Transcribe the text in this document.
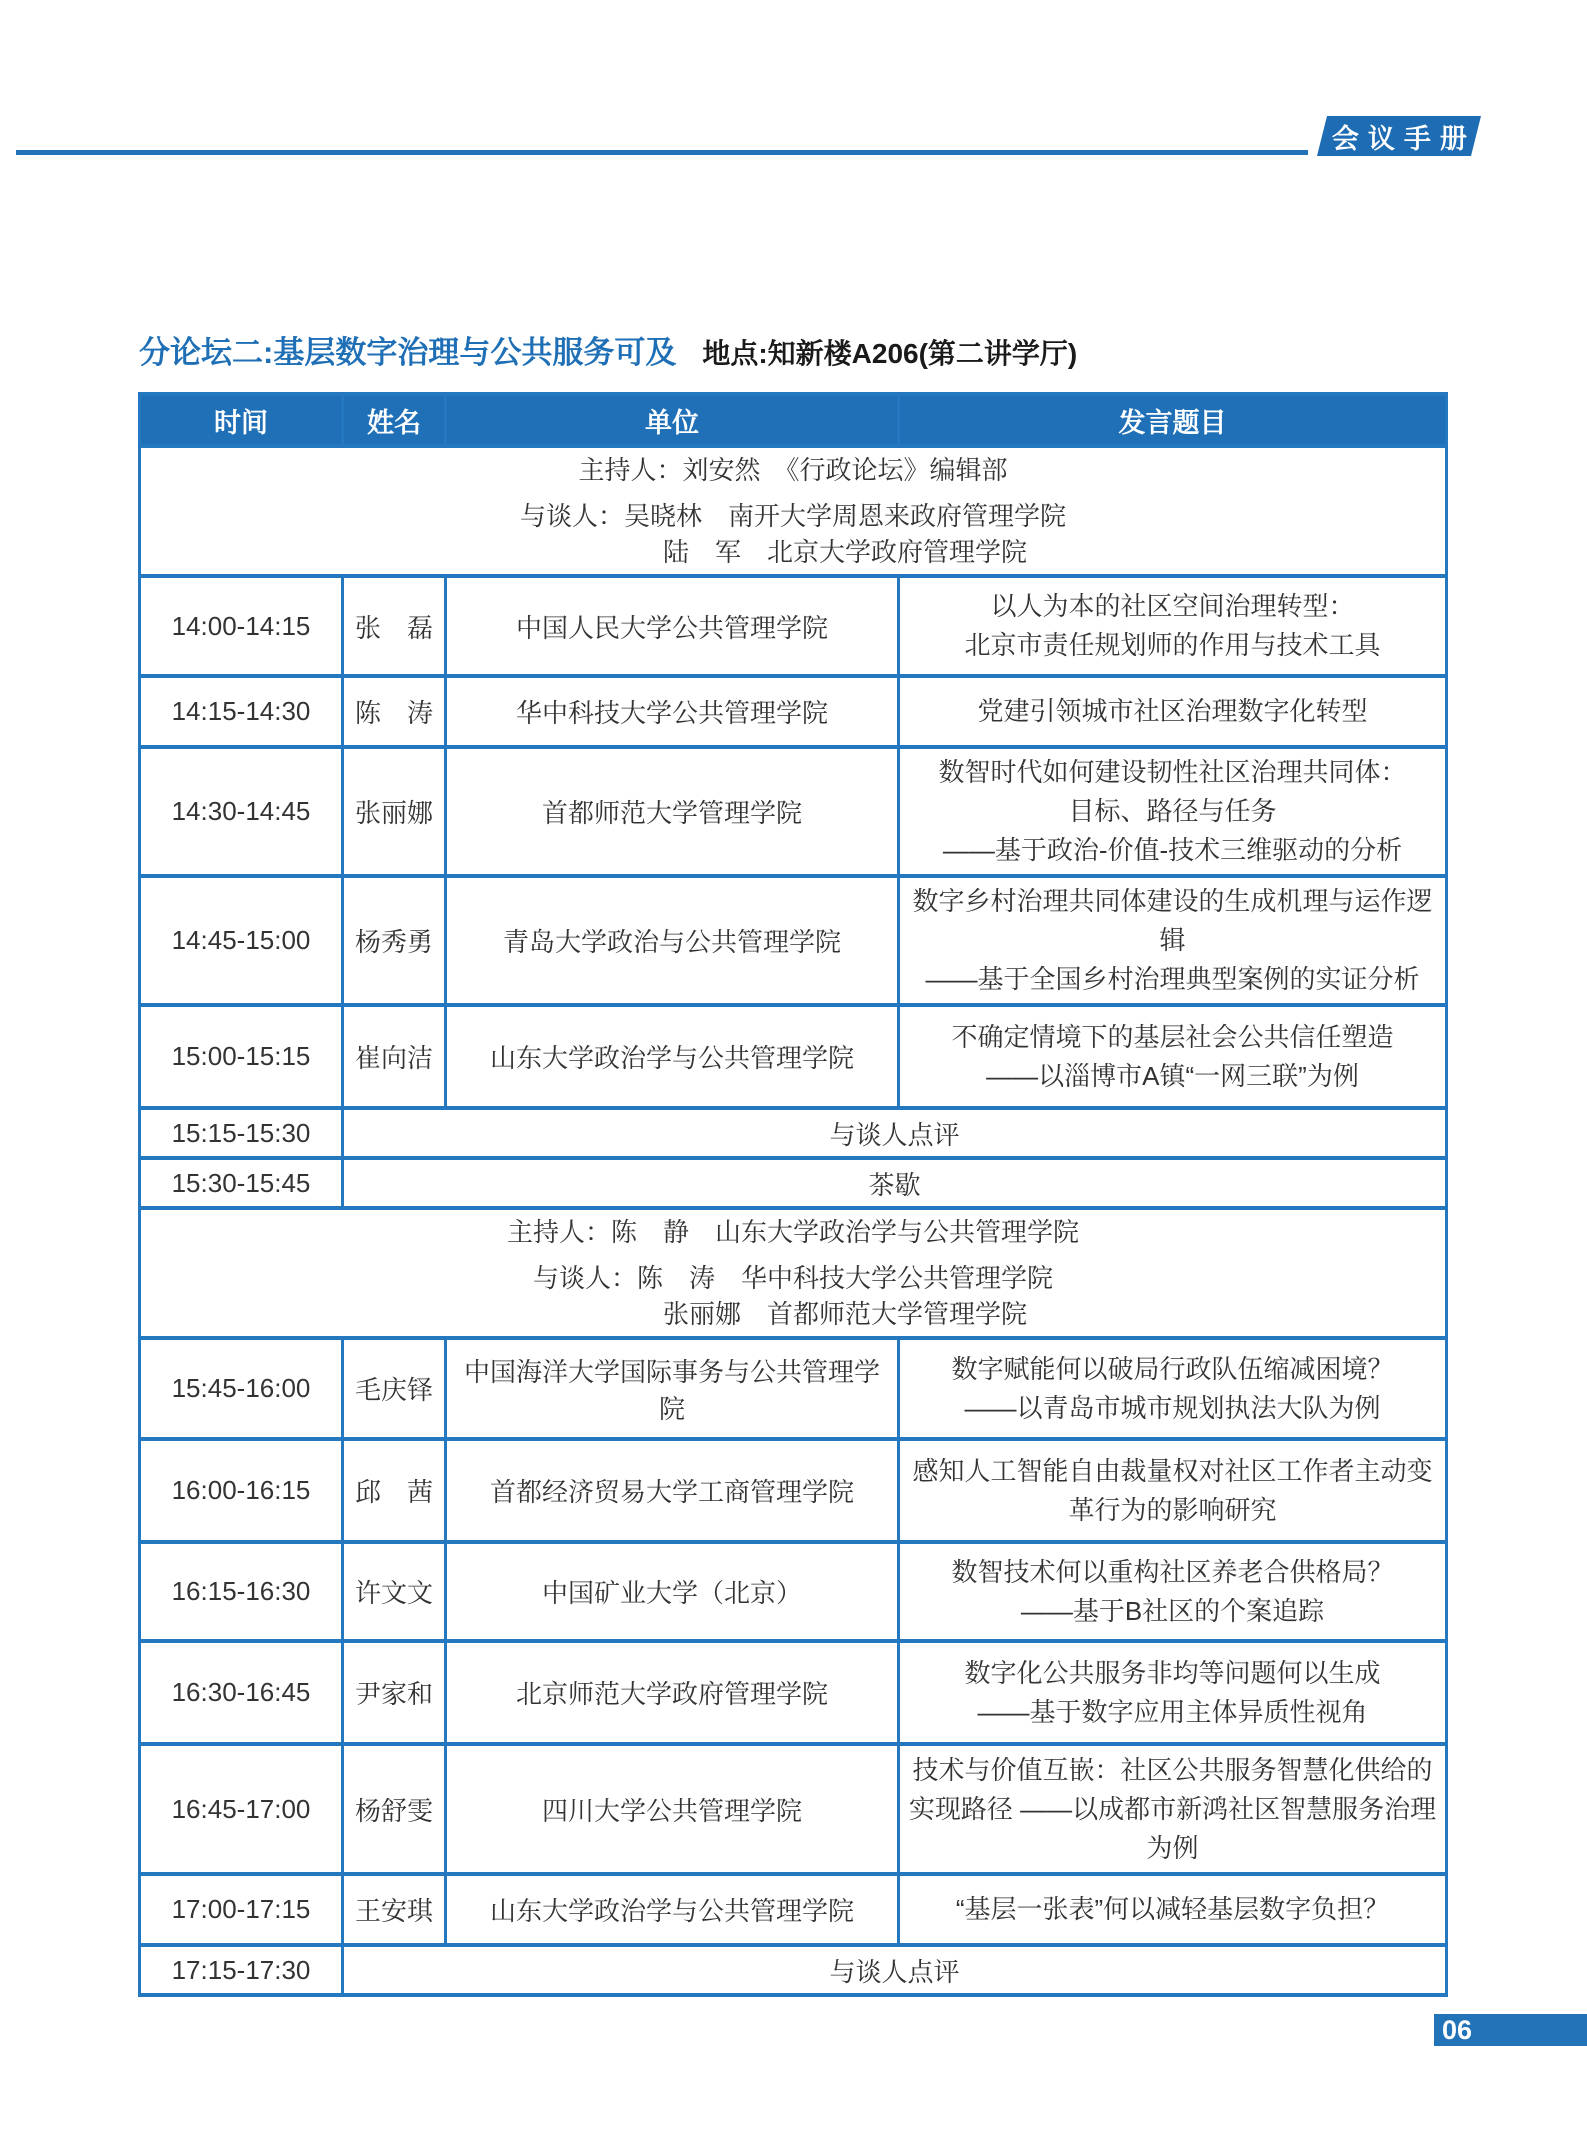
会议手册
分论坛二:基层数字治理与公共服务可及 地点:知新楼A206(第二讲学厅)
时间	姓名	单位	发言题目

主持人：刘安然　《行政论坛》编辑部
与谈人：吴晓林　南开大学周恩来政府管理学院
　　　　陆　军　北京大学政府管理学院			

14:00-14:15	张　磊	中国人民大学公共管理学院	以人为本的社区空间治理转型：
北京市责任规划师的作用与技术工具

14:15-14:30	陈　涛	华中科技大学公共管理学院	党建引领城市社区治理数字化转型

14:30-14:45	张丽娜	首都师范大学管理学院	数智时代如何建设韧性社区治理共同体：
目标、路径与任务
——基于政治-价值-技术三维驱动的分析

14:45-15:00	杨秀勇	青岛大学政治与公共管理学院	数字乡村治理共同体建设的生成机理与运作逻辑
——基于全国乡村治理典型案例的实证分析

15:00-15:15	崔向洁	山东大学政治学与公共管理学院	不确定情境下的基层社会公共信任塑造
——以淄博市A镇“一网三联”为例

15:15-15:30	与谈人点评		
15:30-15:45	茶歇		

主持人：陈　静　山东大学政治学与公共管理学院
与谈人：陈　涛　华中科技大学公共管理学院
　　　　张丽娜　首都师范大学管理学院			

15:45-16:00	毛庆铎	中国海洋大学国际事务与公共管理学院	数字赋能何以破局行政队伍缩减困境？
——以青岛市城市规划执法大队为例

16:00-16:15	邱　茜	首都经济贸易大学工商管理学院	感知人工智能自由裁量权对社区工作者主动变革行为的影响研究

16:15-16:30	许文文	中国矿业大学（北京）	数智技术何以重构社区养老合供格局？
——基于B社区的个案追踪

16:30-16:45	尹家和	北京师范大学政府管理学院	数字化公共服务非均等问题何以生成
——基于数字应用主体异质性视角

16:45-17:00	杨舒雯	四川大学公共管理学院	技术与价值互嵌：社区公共服务智慧化供给的实现路径 ——以成都市新鸿社区智慧服务治理为例

17:00-17:15	王安琪	山东大学政治学与公共管理学院	“基层一张表”何以减轻基层数字负担？

17:15-17:30	与谈人点评		
06
